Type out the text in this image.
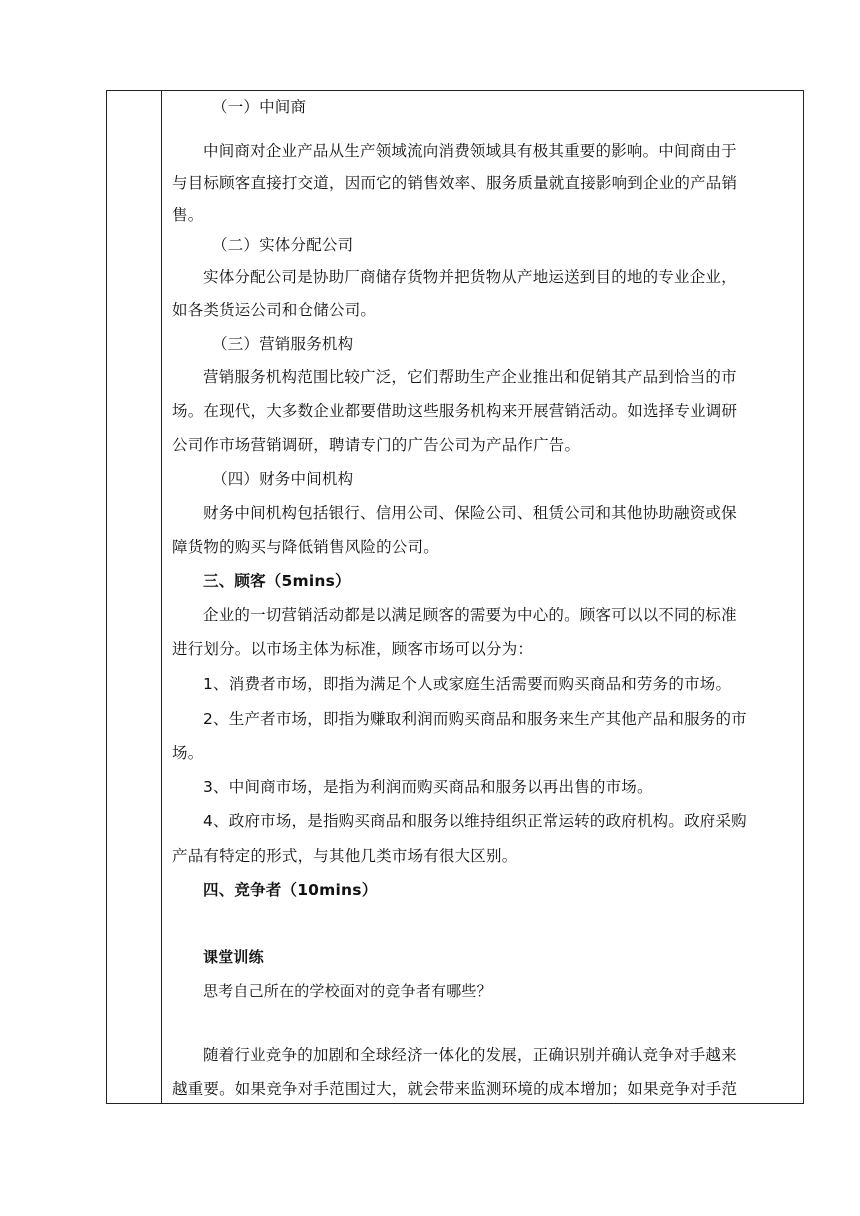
（一）中间商
中间商对企业产品从生产领域流向消费领域具有极其重要的影响。中间商由于
与目标顾客直接打交道，因而它的销售效率、服务质量就直接影响到企业的产品销
售。
（二）实体分配公司
实体分配公司是协助厂商储存货物并把货物从产地运送到目的地的专业企业，
如各类货运公司和仓储公司。
（三）营销服务机构
营销服务机构范围比较广泛，它们帮助生产企业推出和促销其产品到恰当的市
场。在现代，大多数企业都要借助这些服务机构来开展营销活动。如选择专业调研
公司作市场营销调研，聘请专门的广告公司为产品作广告。
（四）财务中间机构
财务中间机构包括银行、信用公司、保险公司、租赁公司和其他协助融资或保
障货物的购买与降低销售风险的公司。
三、顾客（5mins）
企业的一切营销活动都是以满足顾客的需要为中心的。顾客可以以不同的标准
进行划分。以市场主体为标准，顾客市场可以分为：
1、消费者市场，即指为满足个人或家庭生活需要而购买商品和劳务的市场。
2、生产者市场，即指为赚取利润而购买商品和服务来生产其他产品和服务的市
场。
3、中间商市场，是指为利润而购买商品和服务以再出售的市场。
4、政府市场，是指购买商品和服务以维持组织正常运转的政府机构。政府采购
产品有特定的形式，与其他几类市场有很大区别。
四、竞争者（10mins）
课堂训练
思考自己所在的学校面对的竞争者有哪些？
随着行业竞争的加剧和全球经济一体化的发展，正确识别并确认竞争对手越来
越重要。如果竞争对手范围过大，就会带来监测环境的成本增加；如果竞争对手范
